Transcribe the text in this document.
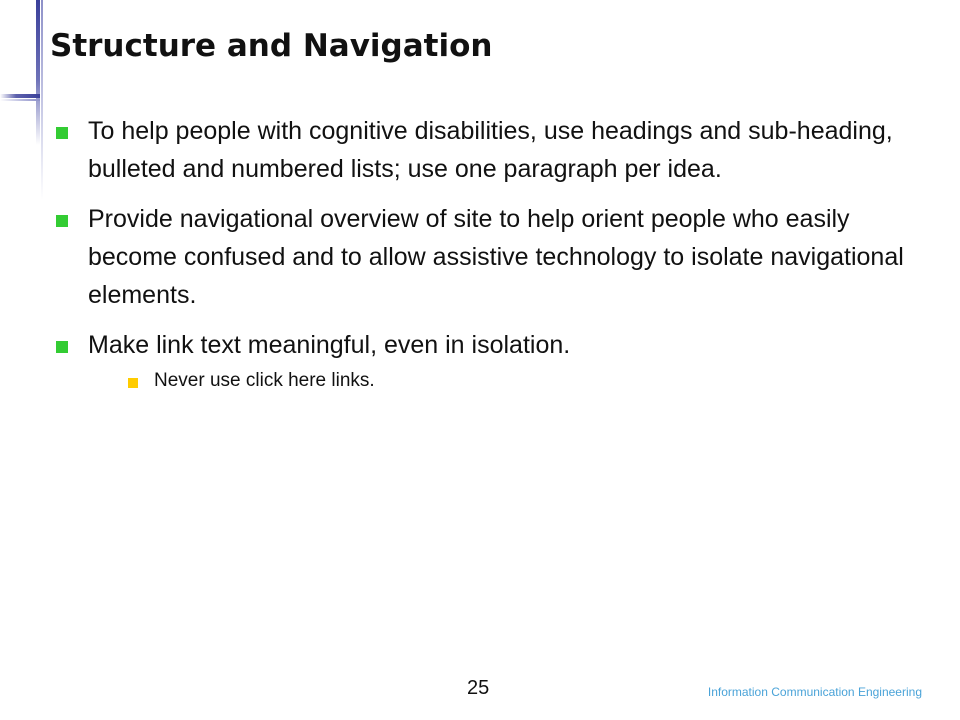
Structure and Navigation
To help people with cognitive disabilities, use headings and sub-heading, bulleted and numbered lists; use one paragraph per idea.
Provide navigational overview of site to help orient people who easily become confused and to allow assistive technology to isolate navigational elements.
Make link text meaningful, even in isolation.
Never use click here links.
25	Information Communication Engineering
